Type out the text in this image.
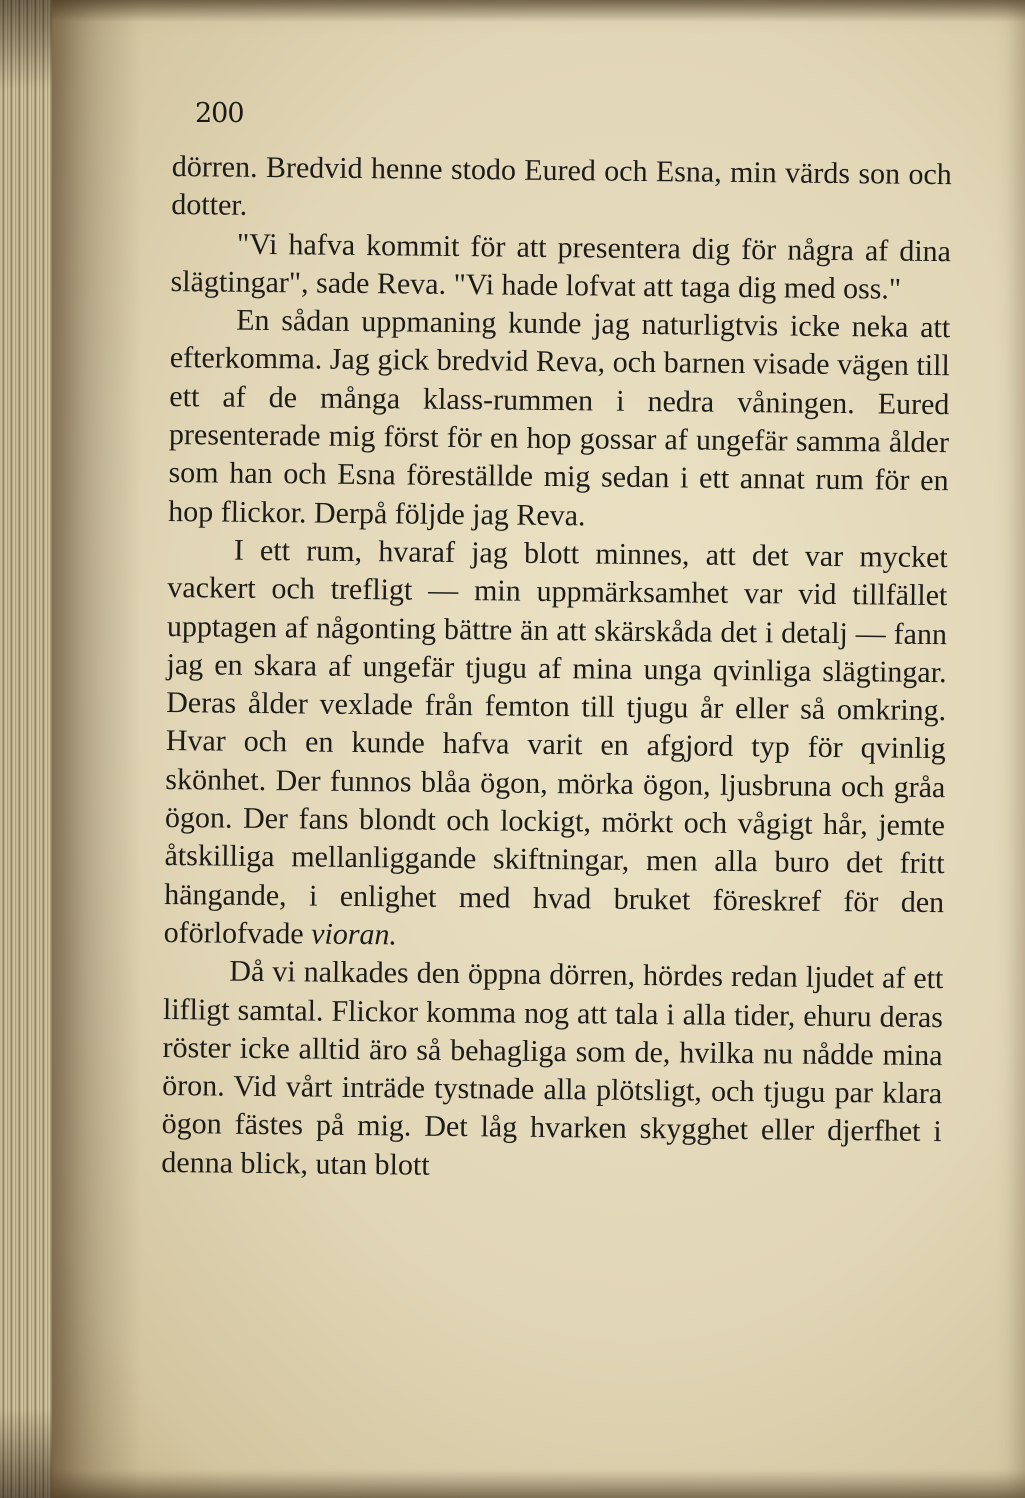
200

dörren. Bredvid henne stodo Eured och Esna, min värds son och dotter.

"Vi hafva kommit för att presentera dig för några af dina slägtingar", sade Reva. "Vi hade lofvat att taga dig med oss."

En sådan uppmaning kunde jag naturligtvis icke neka att efterkomma. Jag gick bredvid Reva, och barnen visade vägen till ett af de många klass-rummen i nedra våningen. Eured presenterade mig först för en hop gossar af ungefär samma ålder som han och Esna föreställde mig sedan i ett annat rum för en hop flickor. Derpå följde jag Reva.

I ett rum, hvaraf jag blott minnes, att det var mycket vackert och trefligt — min uppmärksamhet var vid tillfället upptagen af någonting bättre än att skärskåda det i detalj — fann jag en skara af ungefär tjugu af mina unga qvinliga slägtingar. Deras ålder vexlade från femton till tjugu år eller så omkring. Hvar och en kunde hafva varit en afgjord typ för qvinlig skönhet. Der funnos blåa ögon, mörka ögon, ljusbruna och gråa ögon. Der fans blondt och lockigt, mörkt och vågigt hår, jemte åtskilliga mellanliggande skiftningar, men alla buro det fritt hängande, i enlighet med hvad bruket föreskref för den oförlofvade vioran.

Då vi nalkades den öppna dörren, hördes redan ljudet af ett lifligt samtal. Flickor komma nog att tala i alla tider, ehuru deras röster icke alltid äro så behagliga som de, hvilka nu nådde mina öron. Vid vårt inträde tystnade alla plötsligt, och tjugu par klara ögon fästes på mig. Det låg hvarken skygghet eller djerfhet i denna blick, utan blott
